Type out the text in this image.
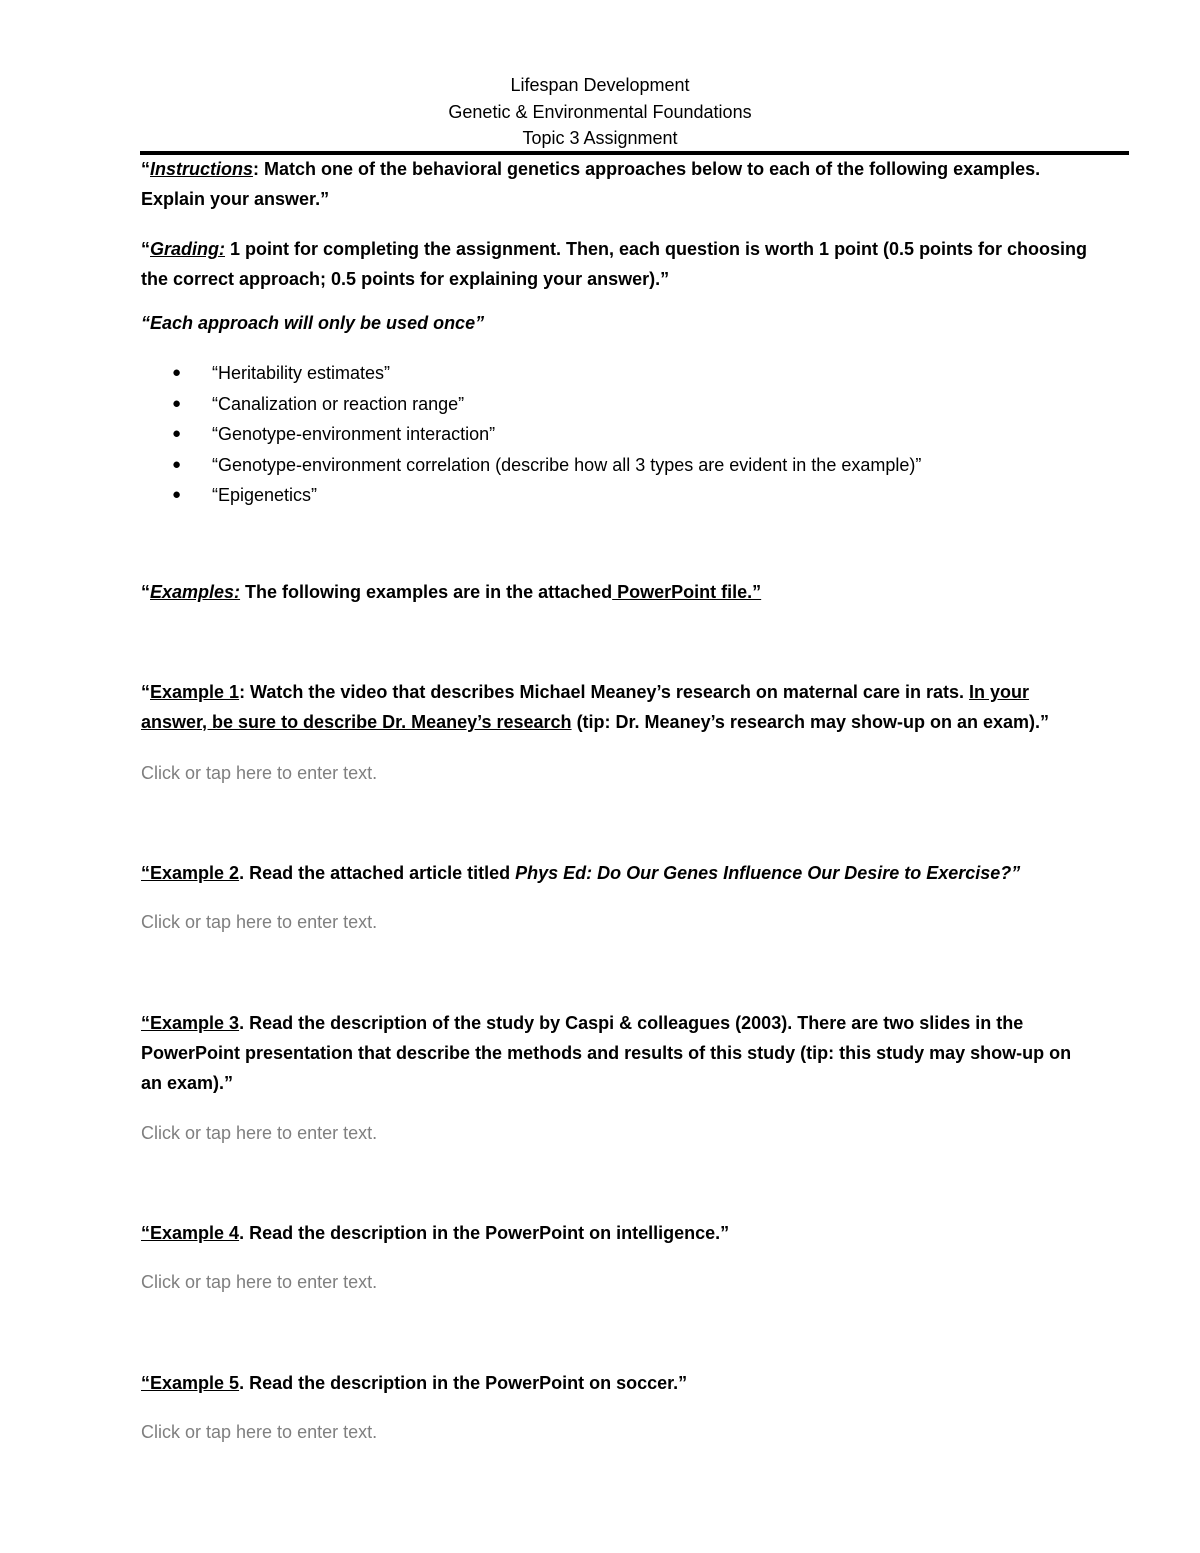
Lifespan Development
Genetic & Environmental Foundations
Topic 3 Assignment
“Instructions: Match one of the behavioral genetics approaches below to each of the following examples.
Explain your answer.”
“Grading: 1 point for completing the assignment. Then, each question is worth 1 point (0.5 points for choosing
the correct approach; 0.5 points for explaining your answer).”
“Each approach will only be used once”
● “Heritability estimates”
● “Canalization or reaction range”
● “Genotype-environment interaction”
● “Genotype-environment correlation (describe how all 3 types are evident in the example)”
● “Epigenetics”
“Examples: The following examples are in the attached PowerPoint file.”
“Example 1: Watch the video that describes Michael Meaney’s research on maternal care in rats. In your
answer, be sure to describe Dr. Meaney’s research (tip: Dr. Meaney’s research may show-up on an exam).”
Click or tap here to enter text.
“Example 2. Read the attached article titled Phys Ed: Do Our Genes Influence Our Desire to Exercise?”
Click or tap here to enter text.
“Example 3. Read the description of the study by Caspi & colleagues (2003). There are two slides in the
PowerPoint presentation that describe the methods and results of this study (tip: this study may show-up on
an exam).”
Click or tap here to enter text.
“Example 4. Read the description in the PowerPoint on intelligence.”
Click or tap here to enter text.
“Example 5. Read the description in the PowerPoint on soccer.”
Click or tap here to enter text.
